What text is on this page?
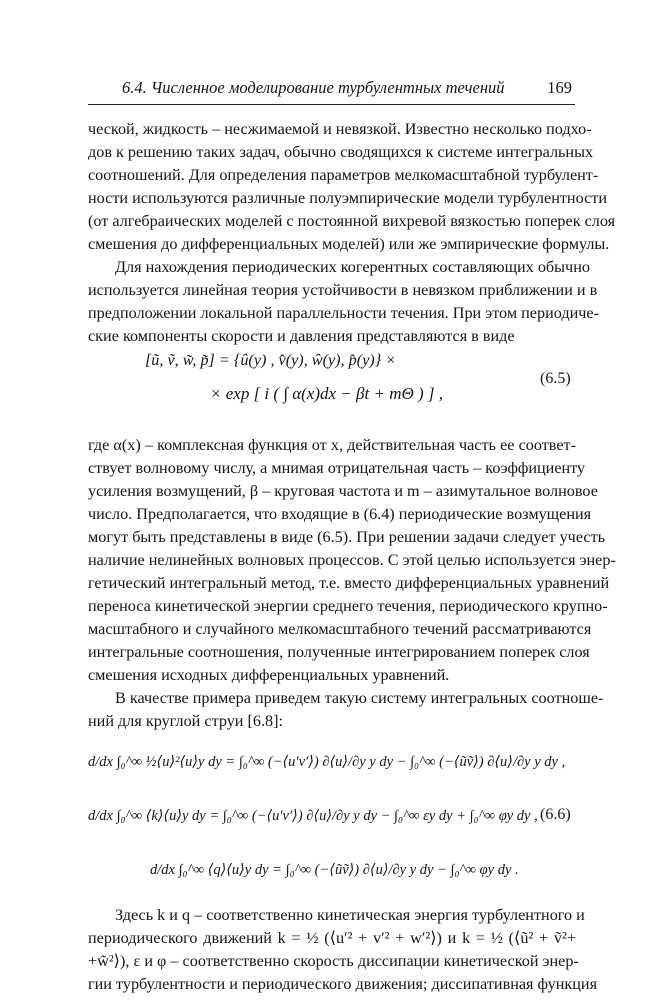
6.4. Численное моделирование турбулентных течений	169
ческой, жидкость – несжимаемой и невязкой. Известно несколько подхо-
дов к решению таких задач, обычно сводящихся к системе интегральных
соотношений. Для определения параметров мелкомасштабной турбулент-
ности используются различные полуэмпирические модели турбулентности
(от алгебраических моделей с постоянной вихревой вязкостью поперек слоя
смешения до дифференциальных моделей) или же эмпирические формулы.
Для нахождения периодических когерентных составляющих обычно
используется линейная теория устойчивости в невязком приближении и в
предположении локальной параллельности течения. При этом периодиче-
ские компоненты скорости и давления представляются в виде
[ũ, ṽ, w̃, p̃] = {û(y) , v̂(y), ŵ(y), p̂(y)} ×
× exp [ i ( ∫ α(x)dx − βt + mΘ ) ] ,
(6.5)
где α(x) – комплексная функция от x, действительная часть ее соответ-
ствует волновому числу, а мнимая отрицательная часть – коэффициенту
усиления возмущений, β – круговая частота и m – азимутальное волновое
число. Предполагается, что входящие в (6.4) периодические возмущения
могут быть представлены в виде (6.5). При решении задачи следует учесть
наличие нелинейных волновых процессов. С этой целью используется энер-
гетический интегральный метод, т.е. вместо дифференциальных уравнений
переноса кинетической энергии среднего течения, периодического крупно-
масштабного и случайного мелкомасштабного течений рассматриваются
интегральные соотношения, полученные интегрированием поперек слоя
смешения исходных дифференциальных уравнений.
В качестве примера приведем такую систему интегральных соотноше-
ний для круглой струи [6.8]:
d/dx ∫₀^∞ ½⟨u⟩²⟨u⟩y dy = ∫₀^∞ (−⟨u′v′⟩) ∂⟨u⟩/∂y y dy − ∫₀^∞ (−⟨ũṽ⟩) ∂⟨u⟩/∂y y dy ,
d/dx ∫₀^∞ ⟨k⟩⟨u⟩y dy = ∫₀^∞ (−⟨u′v′⟩) ∂⟨u⟩/∂y y dy − ∫₀^∞ εy dy + ∫₀^∞ φy dy ,
d/dx ∫₀^∞ ⟨q⟩⟨u⟩y dy = ∫₀^∞ (−⟨ũṽ⟩) ∂⟨u⟩/∂y y dy − ∫₀^∞ φy dy .
(6.6)
Здесь k и q – соответственно кинетическая энергия турбулентного и
периодического движений k = ½ (⟨u′² + v′² + w′²⟩) и k = ½ (⟨ũ² + ṽ²+
+w̃²⟩), ε и φ – соответственно скорость диссипации кинетической энер-
гии турбулентности и периодического движения; диссипативная функция
